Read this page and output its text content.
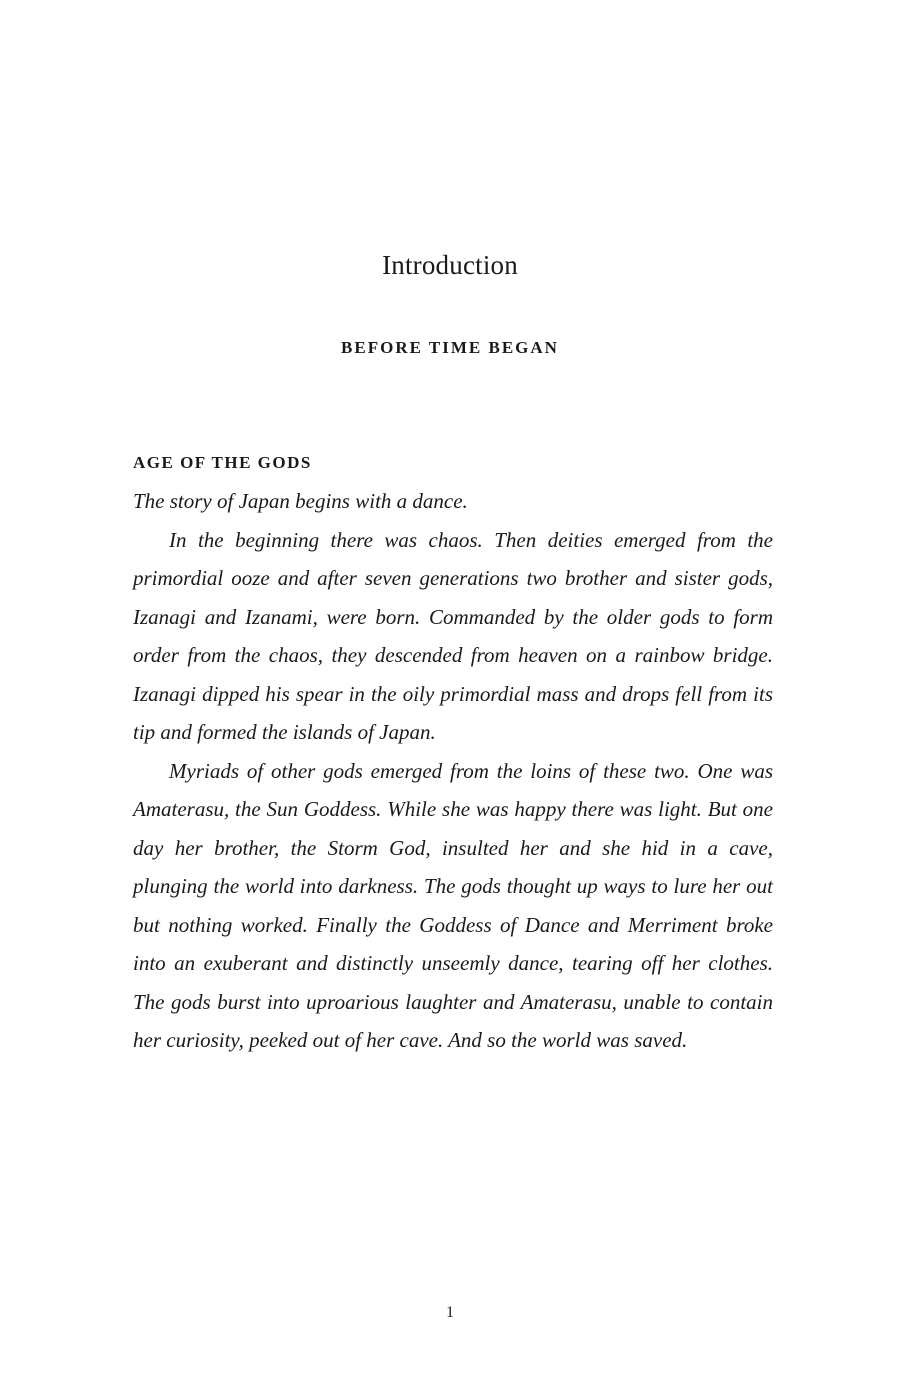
Introduction
BEFORE TIME BEGAN
AGE OF THE GODS

The story of Japan begins with a dance.

In the beginning there was chaos. Then deities emerged from the primordial ooze and after seven generations two brother and sister gods, Izanagi and Izanami, were born. Commanded by the older gods to form order from the chaos, they descended from heaven on a rainbow bridge. Izanagi dipped his spear in the oily primordial mass and drops fell from its tip and formed the islands of Japan.

Myriads of other gods emerged from the loins of these two. One was Amaterasu, the Sun Goddess. While she was happy there was light. But one day her brother, the Storm God, insulted her and she hid in a cave, plunging the world into darkness. The gods thought up ways to lure her out but nothing worked. Finally the Goddess of Dance and Merriment broke into an exuberant and distinctly unseemly dance, tearing off her clothes. The gods burst into uproarious laughter and Amaterasu, unable to contain her curiosity, peeked out of her cave. And so the world was saved.

1
